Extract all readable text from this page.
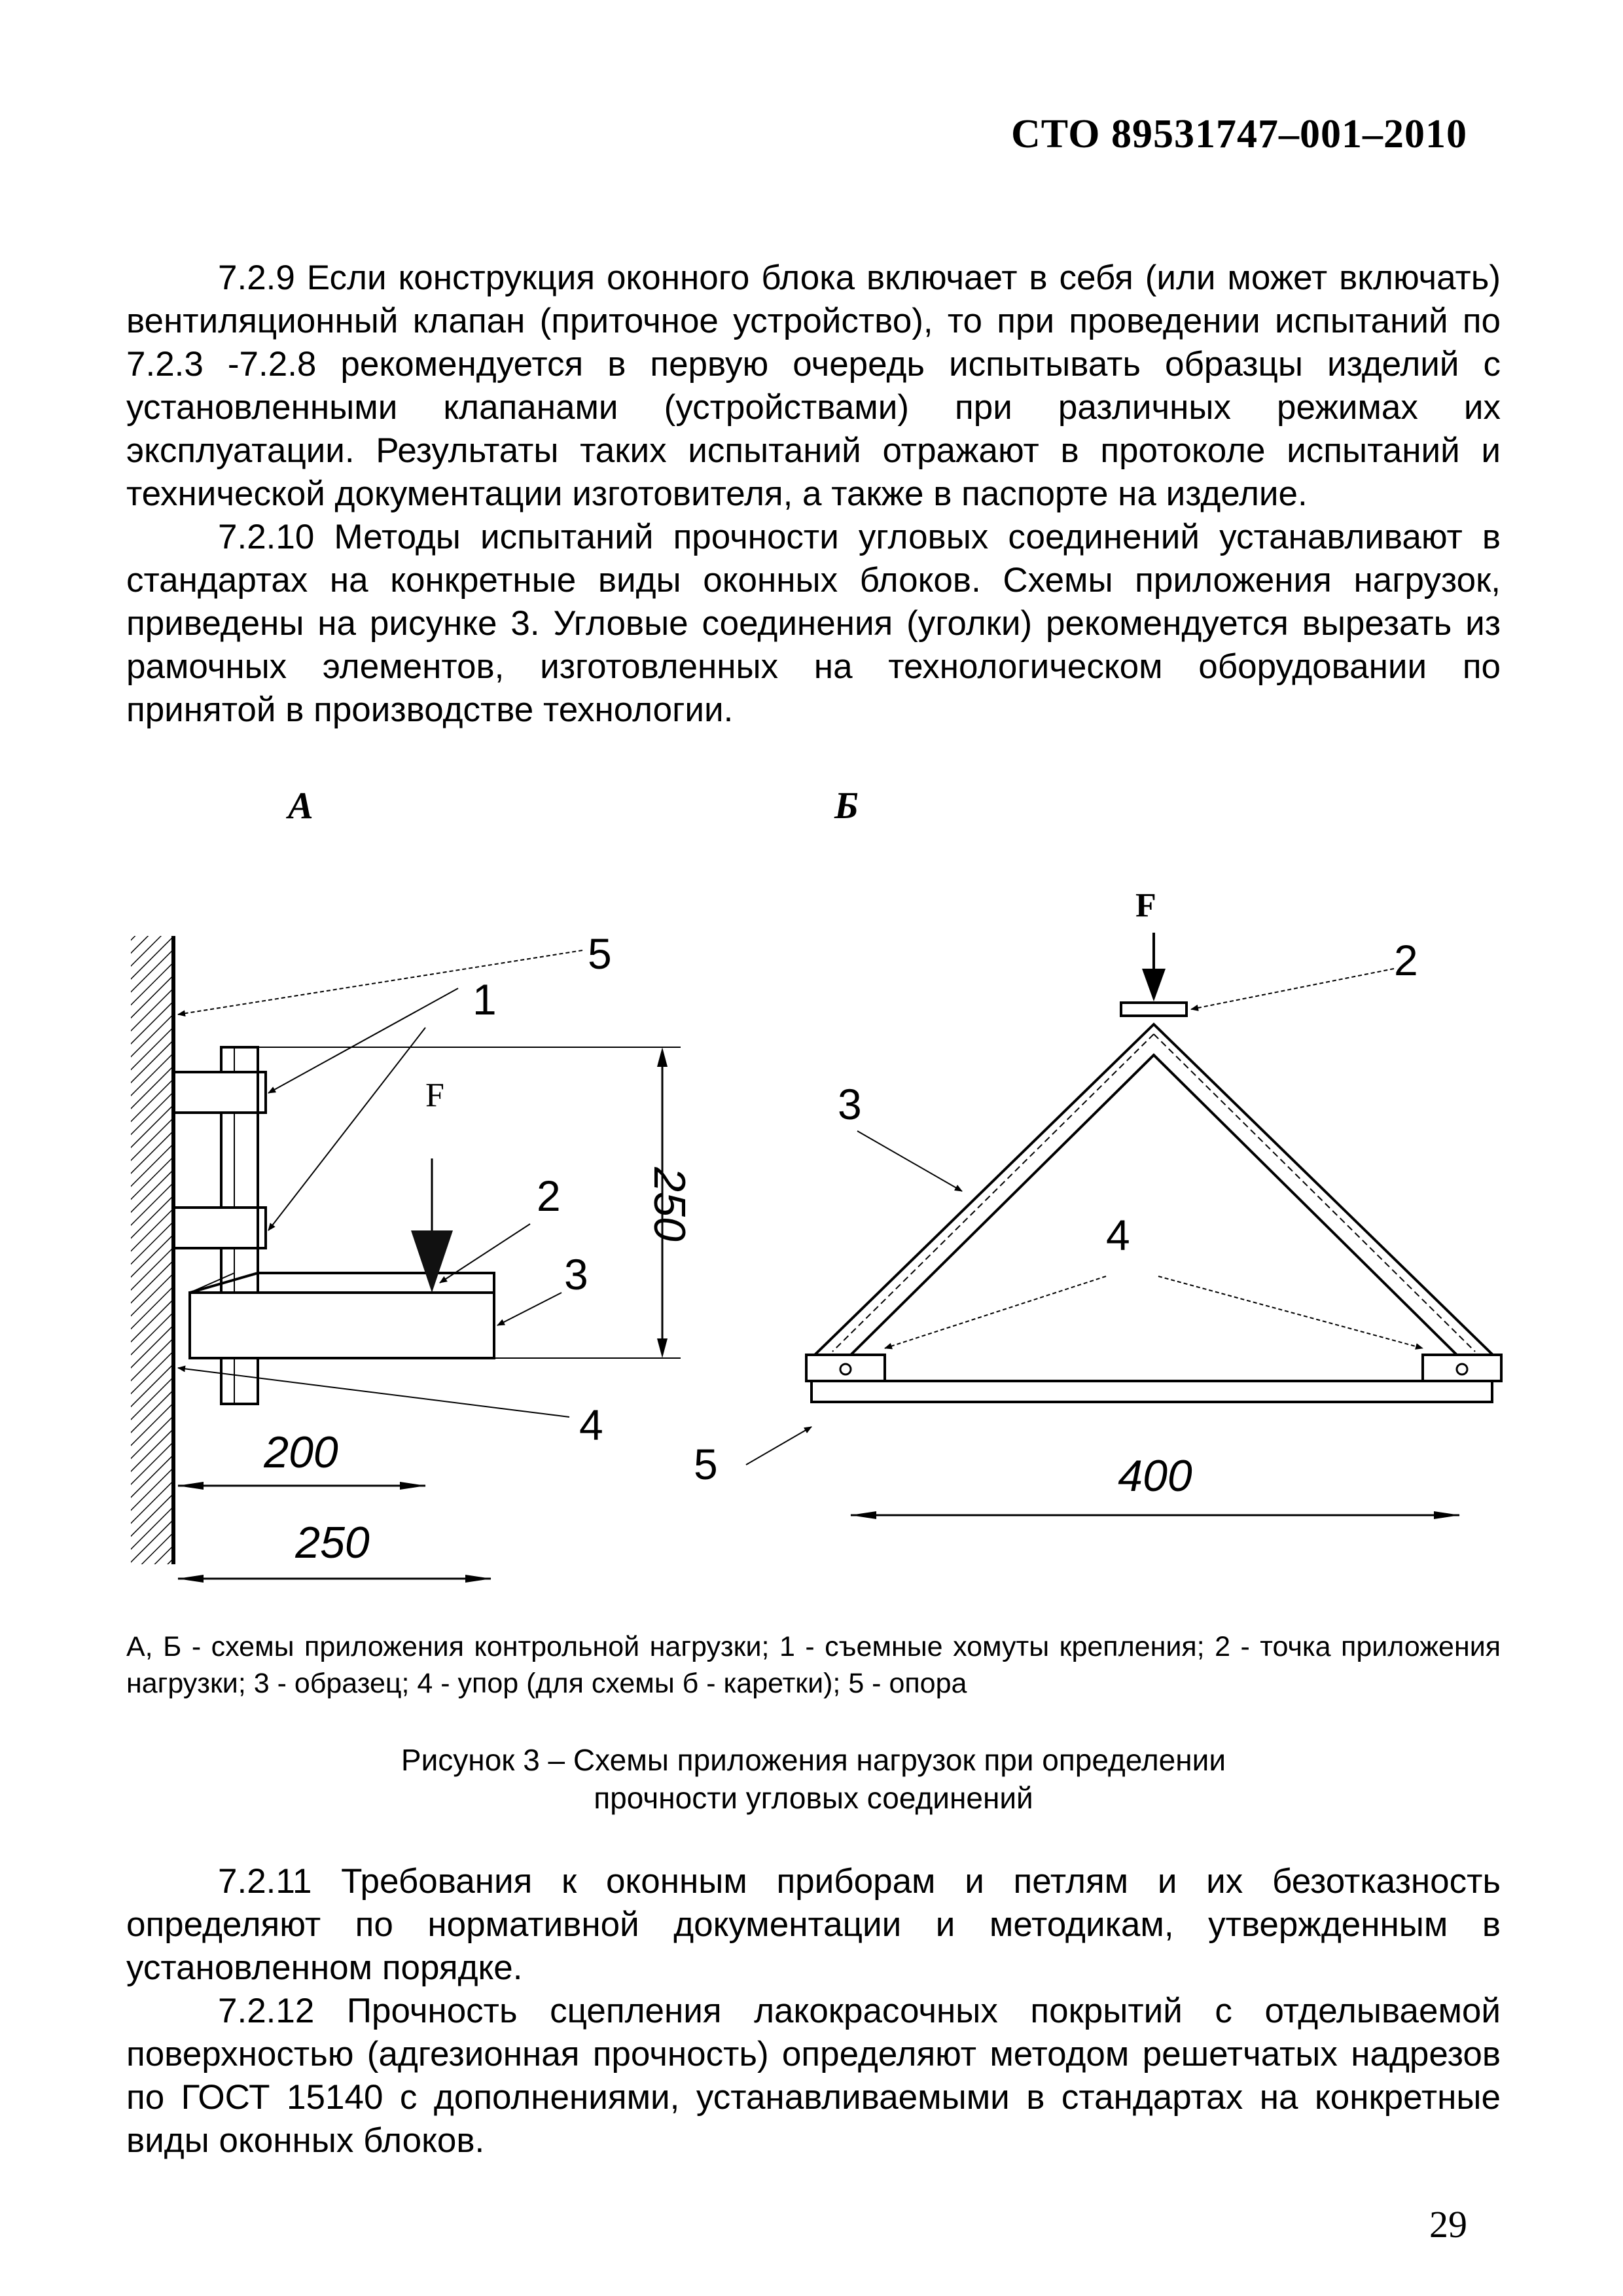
СТО 89531747–001–2010

7.2.9 Если конструкция оконного блока включает в себя (или может включать) вентиляционный клапан (приточное устройство), то при проведении испытаний по 7.2.3 -7.2.8 рекомендуется в первую очередь испытывать образцы изделий с установленными клапанами (устройствами) при различных режимах их эксплуатации. Результаты таких испытаний отражают в протоколе испытаний и технической документации изготовителя, а также в паспорте на изделие.

7.2.10 Методы испытаний прочности угловых соединений устанавливают в стандартах на конкретные виды оконных блоков. Схемы приложения нагрузок, приведены на рисунке 3. Угловые соединения (уголки) рекомендуется вырезать из рамочных элементов, изготовленных на технологическом оборудовании по принятой в производстве технологии.

А
F
5
1
2
3
4
250
200
250
Б
F
2
3
4
5	400

А, Б - схемы приложения контрольной нагрузки; 1 - съемные хомуты крепления; 2 - точка приложения нагрузки; 3 - образец; 4 - упор (для схемы б - каретки); 5 - опора

Рисунок 3 – Схемы приложения нагрузок при определении
прочности угловых соединений

7.2.11 Требования к оконным приборам и петлям и их безотказность определяют по нормативной документации и методикам, утвержденным в установленном порядке.

7.2.12 Прочность сцепления лакокрасочных покрытий с отделываемой поверхностью (адгезионная прочность) определяют методом решетчатых надрезов по ГОСТ 15140 с дополнениями, устанавливаемыми в стандартах на конкретные виды оконных блоков.

29
